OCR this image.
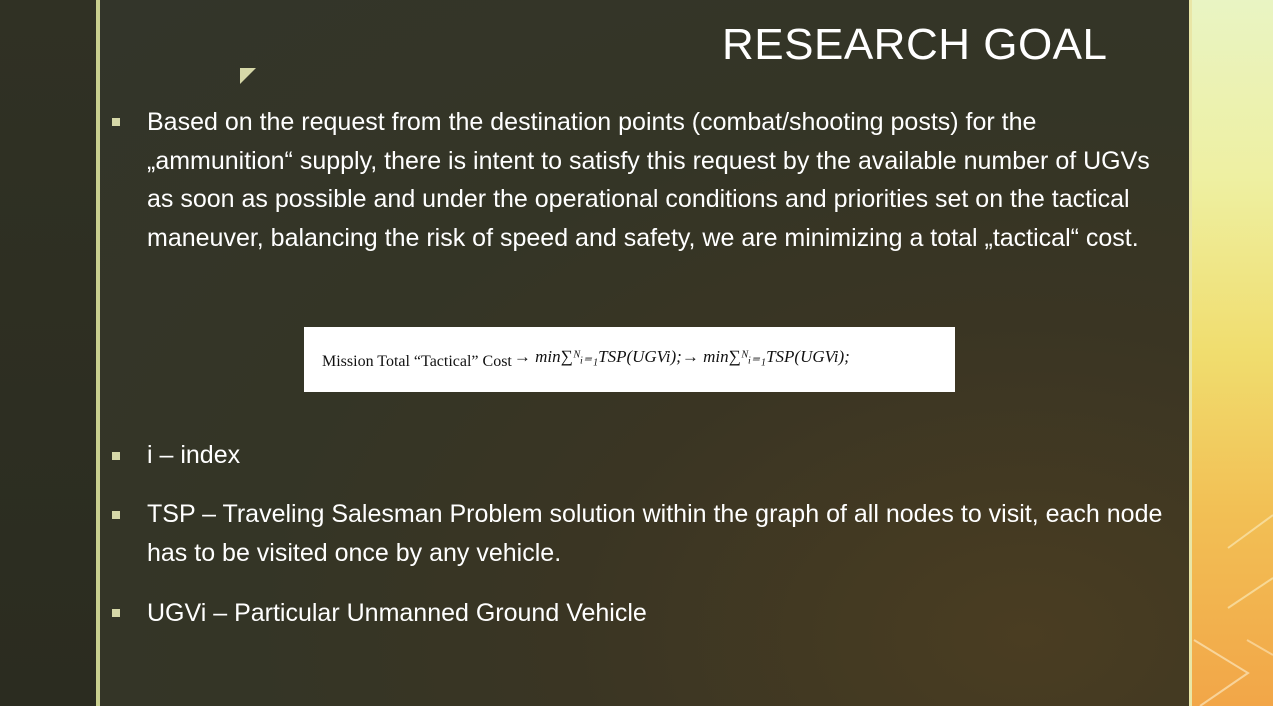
RESEARCH GOAL
Based on the request from the destination points (combat/shooting posts) for the „ammunition“ supply, there is intent to satisfy this request by the available number of UGVs as soon as possible and under the operational conditions and priorities set on the tactical maneuver, balancing the risk of speed and safety, we are minimizing a total „tactical“ cost.
Mission Total “Tactical” Cost → min∑ᴺᵢ₌₁TSP(UGVi);→ min∑ᴺᵢ₌₁TSP(UGVi);
i – index
TSP – Traveling Salesman Problem solution within the graph of all nodes to visit, each node has to be visited once by any vehicle.
UGVi – Particular Unmanned Ground Vehicle
